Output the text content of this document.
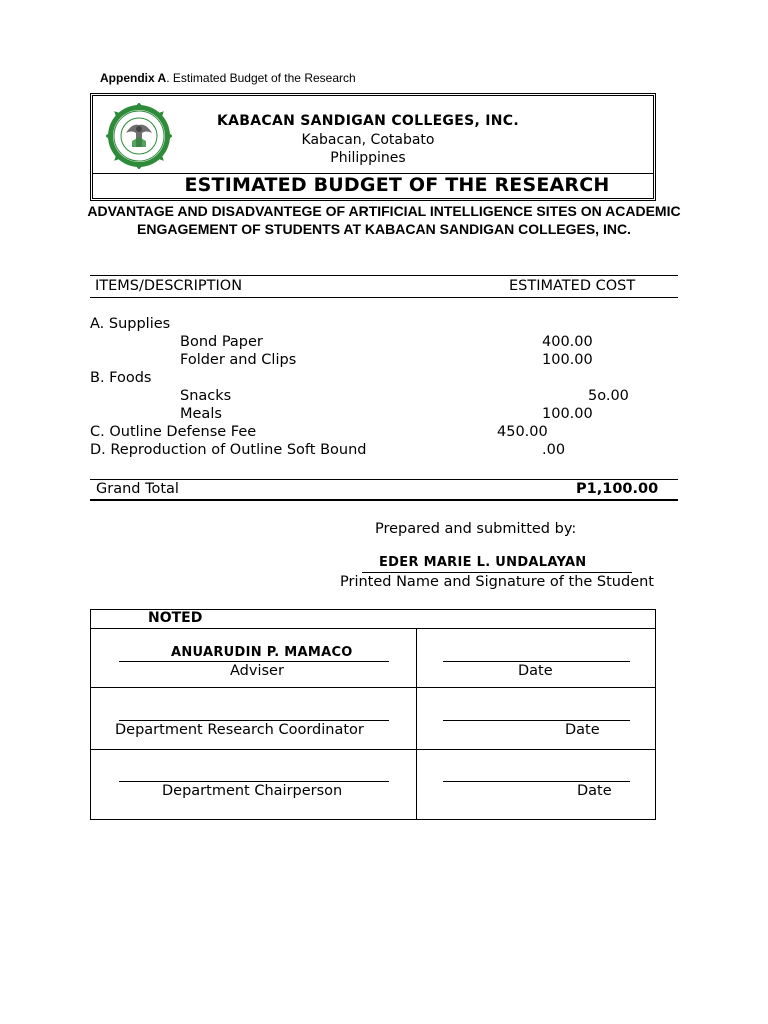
Appendix A. Estimated Budget of the Research
KABACAN SANDIGAN COLLEGES, INC.
Kabacan, Cotabato
Philippines
ESTIMATED BUDGET OF THE RESEARCH
ADVANTAGE AND DISADVANTEGE OF ARTIFICIAL INTELLIGENCE SITES ON ACADEMIC ENGAGEMENT OF STUDENTS AT KABACAN SANDIGAN COLLEGES, INC.
ITEMS/DESCRIPTION	ESTIMATED COST
A. Supplies
Bond Paper	400.00
Folder and Clips	100.00
B. Foods
Snacks	5o.00
Meals	100.00
C. Outline Defense Fee	450.00
D. Reproduction of Outline Soft Bound	.00
Grand Total	P1,100.00
Prepared and submitted by:
EDER MARIE L. UNDALAYAN
Printed Name and Signature of the Student
NOTED
ANUARUDIN P. MAMACO
Adviser	Date
Department Research Coordinator	Date
Department Chairperson	Date
